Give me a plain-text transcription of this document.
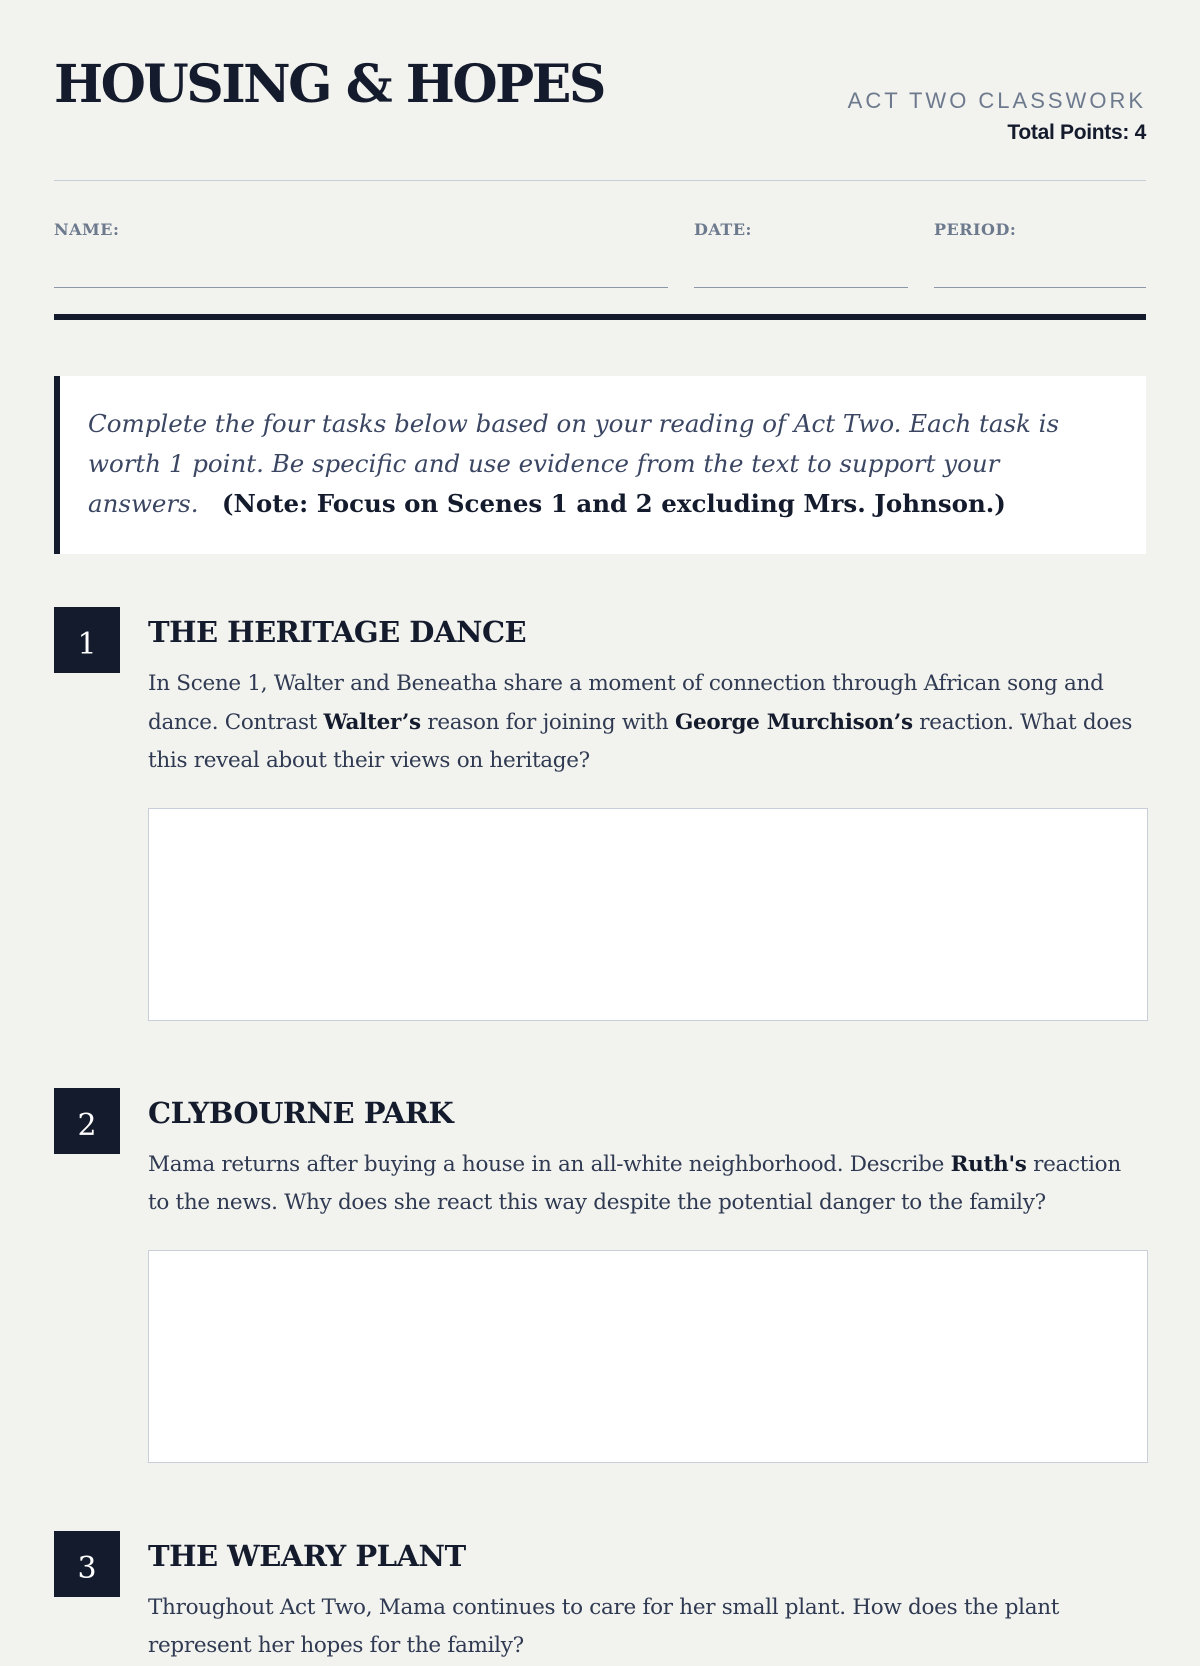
HOUSING & HOPES	ACT TWO CLASSWORK
Total Points: 4
NAME:	DATE:	PERIOD:
Complete the four tasks below based on your reading of Act Two. Each task is worth 1 point. Be specific and use evidence from the text to support your answers. (Note: Focus on Scenes 1 and 2 excluding Mrs. Johnson.)
1	THE HERITAGE DANCE

In Scene 1, Walter and Beneatha share a moment of connection through African song and dance. Contrast Walter’s reason for joining with George Murchison’s reaction. What does this reveal about their views on heritage?

2	CLYBOURNE PARK

Mama returns after buying a house in an all-white neighborhood. Describe Ruth's reaction to the news. Why does she react this way despite the potential danger to the family?

3	THE WEARY PLANT

Throughout Act Two, Mama continues to care for her small plant. How does the plant represent her hopes for the family?
